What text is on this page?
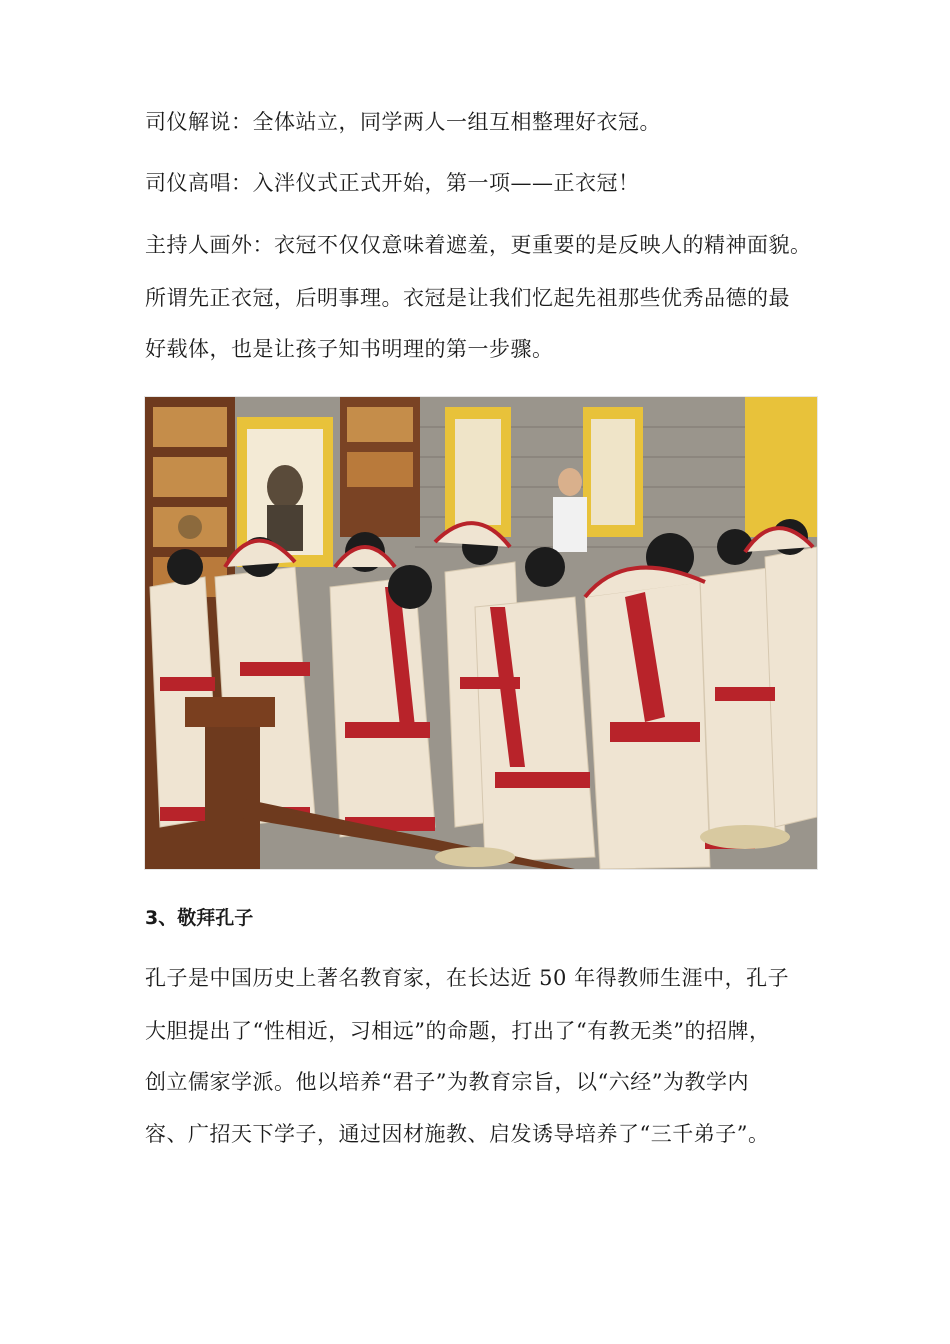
司仪解说：全体站立，同学两人一组互相整理好衣冠。
司仪高唱：入泮仪式正式开始，第一项——正衣冠！
主持人画外：衣冠不仅仅意味着遮羞，更重要的是反映人的精神面貌。
所谓先正衣冠，后明事理。衣冠是让我们忆起先祖那些优秀品德的最
好载体，也是让孩子知书明理的第一步骤。
3、敬拜孔子
孔子是中国历史上著名教育家，在长达近 50 年得教师生涯中，孔子
大胆提出了“性相近，习相远”的命题，打出了“有教无类”的招牌，
创立儒家学派。他以培养“君子”为教育宗旨，以“六经”为教学内
容、广招天下学子，通过因材施教、启发诱导培养了“三千弟子”。
